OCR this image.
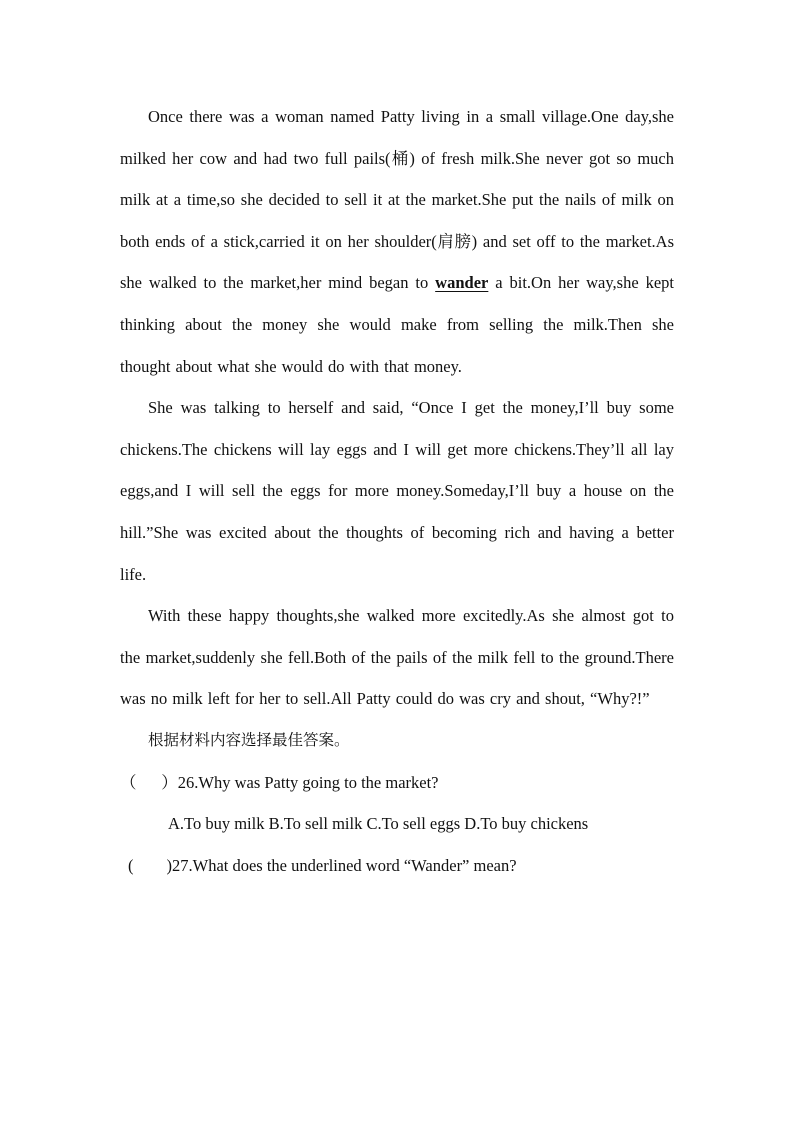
Once there was a woman named Patty living in a small village.One day,she milked her cow and had two full pails(桶) of fresh milk.She never got so much milk at a time,so she decided to sell it at the market.She put the nails of milk on both ends of a stick,carried it on her shoulder(肩膀) and set off to the market.As she walked to the market,her mind began to wander a bit.On her way,she kept thinking about the money she would make from selling the milk.Then she thought about what she would do with that money.

She was talking to herself and said, “Once I get the money,I’ll buy some chickens.The chickens will lay eggs and I will get more chickens.They’ll all lay eggs,and I will sell the eggs for more money.Someday,I’ll buy a house on the hill.”She was excited about the thoughts of becoming rich and having a better life.

With these happy thoughts,she walked more excitedly.As she almost got to the market,suddenly she fell.Both of the pails of the milk fell to the ground.There was no milk left for her to sell.All Patty could do was cry and shout, “Why?!”

根据材料内容选择最佳答案。

（      ）26.Why was Patty going to the market?

A.To buy milk B.To sell milk C.To sell eggs D.To buy chickens

(        )27.What does the underlined word “Wander” mean?
